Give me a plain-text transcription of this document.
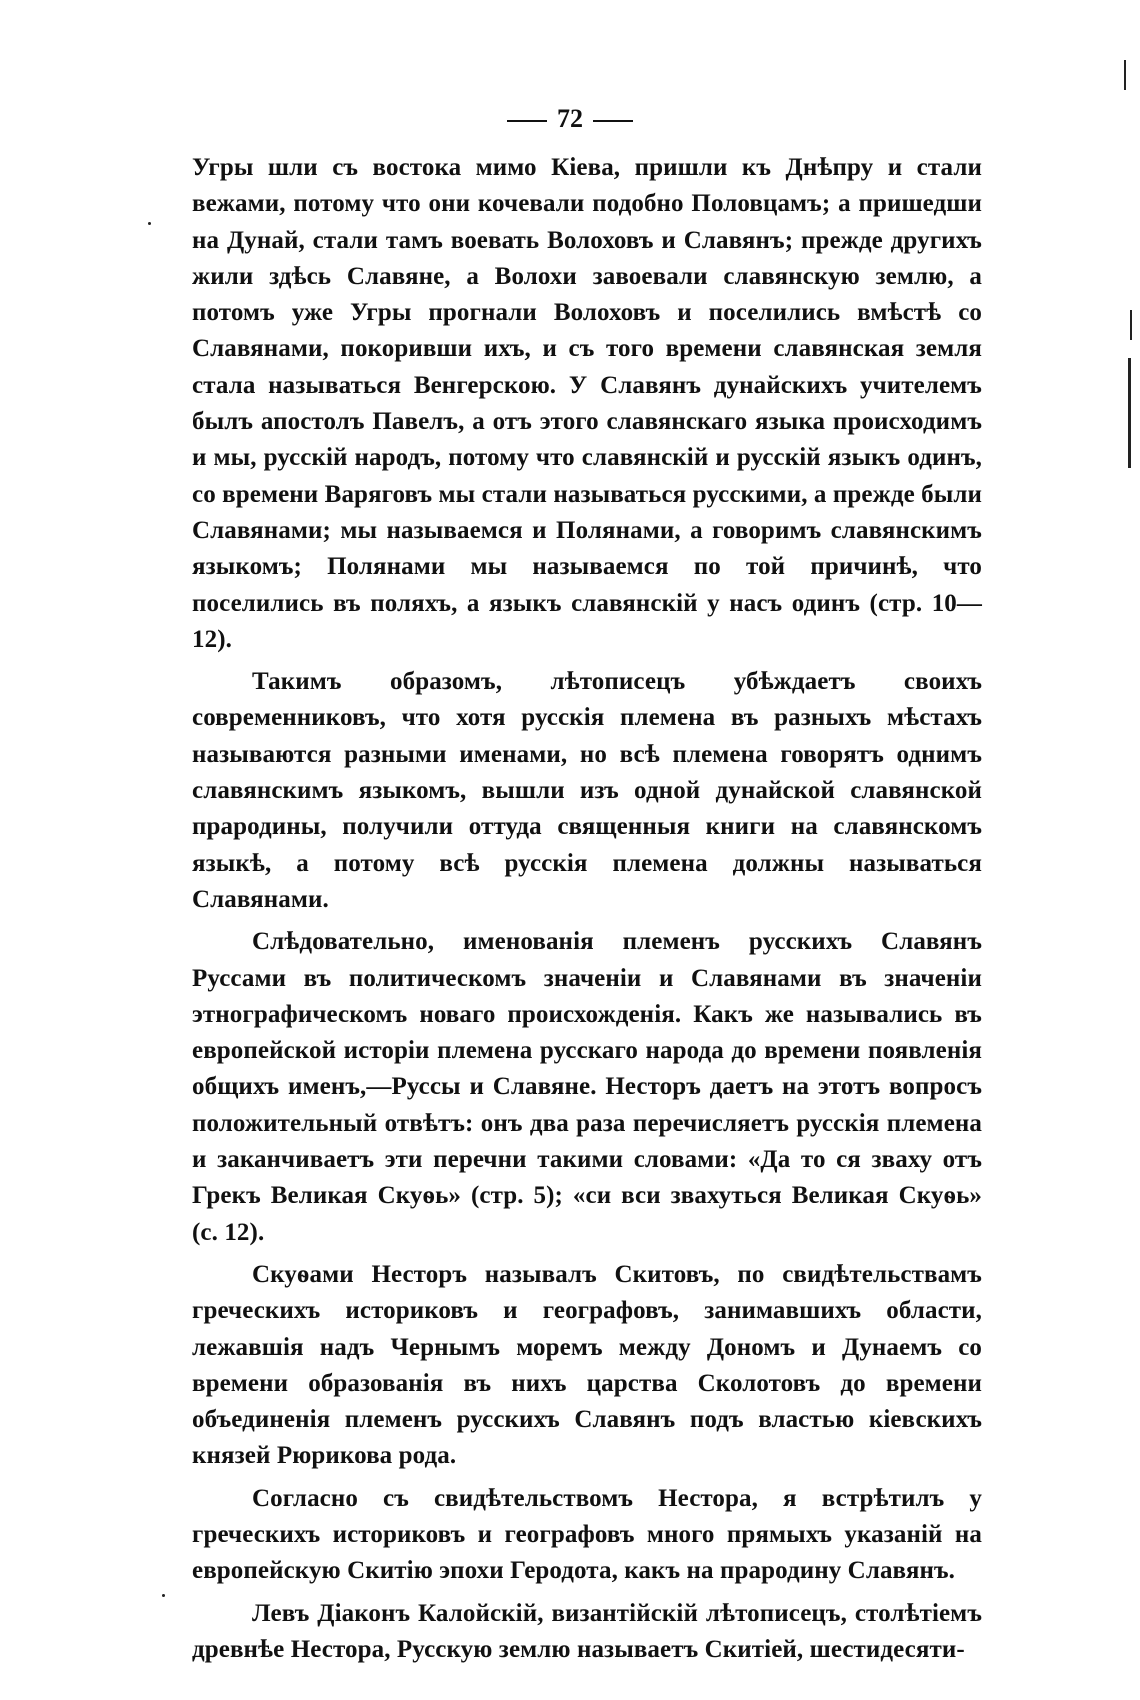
72

Угры шли съ востока мимо Кіева, пришли къ Днѣпру и стали вежами, потому что они кочевали подобно Половцамъ; а пришедши на Дунай, стали тамъ воевать Волоховъ и Славянъ; прежде другихъ жили здѣсь Славяне, а Волохи завоевали славянскую землю, а потомъ уже Угры прогнали Волоховъ и поселились вмѣстѣ со Славянами, покоривши ихъ, и съ того времени славянская земля стала называться Венгерскою. У Славянъ дунайскихъ учителемъ былъ апостолъ Павелъ, а отъ этого славянскаго языка происходимъ и мы, русскій народъ, потому что славянскій и русскій языкъ одинъ, со времени Варяговъ мы стали называться русскими, а прежде были Славянами; мы называемся и Полянами, а говоримъ славянскимъ языкомъ; Полянами мы называемся по той причинѣ, что поселились въ поляхъ, а языкъ славянскій у насъ одинъ (стр. 10—12).

Такимъ образомъ, лѣтописецъ убѣждаетъ своихъ современниковъ, что хотя русскія племена въ разныхъ мѣстахъ называются разными именами, но всѣ племена говорятъ однимъ славянскимъ языкомъ, вышли изъ одной дунайской славянской прародины, получили оттуда священныя книги на славянскомъ языкѣ, а потому всѣ русскія племена должны называться Славянами.

Слѣдовательно, именованія племенъ русскихъ Славянъ Руссами въ политическомъ значеніи и Славянами въ значеніи этнографическомъ новаго происхожденія. Какъ же назывались въ европейской исторіи племена русскаго народа до времени появленія общихъ именъ,—Руссы и Славяне. Несторъ даетъ на этотъ вопросъ положительный отвѣтъ: онъ два раза перечисляетъ русскія племена и заканчиваетъ эти перечни такими словами: «Да то ся зваху отъ Грекъ Великая Скуѳь» (стр. 5); «си вси звахуться Великая Скуѳь» (с. 12).

Скуѳами Несторъ называлъ Скитовъ, по свидѣтельствамъ греческихъ историковъ и географовъ, занимавшихъ области, лежавшія надъ Чернымъ моремъ между Дономъ и Дунаемъ со времени образованія въ нихъ царства Сколотовъ до времени объединенія племенъ русскихъ Славянъ подъ властью кіевскихъ князей Рюрикова рода.

Согласно съ свидѣтельствомъ Нестора, я встрѣтилъ у греческихъ историковъ и географовъ много прямыхъ указаній на европейскую Скитію эпохи Геродота, какъ на прародину Славянъ.

Левъ Діаконъ Калойскій, византійскій лѣтописецъ, столѣтіемъ древнѣе Нестора, Русскую землю называетъ Скитіей, шестидесяти-
